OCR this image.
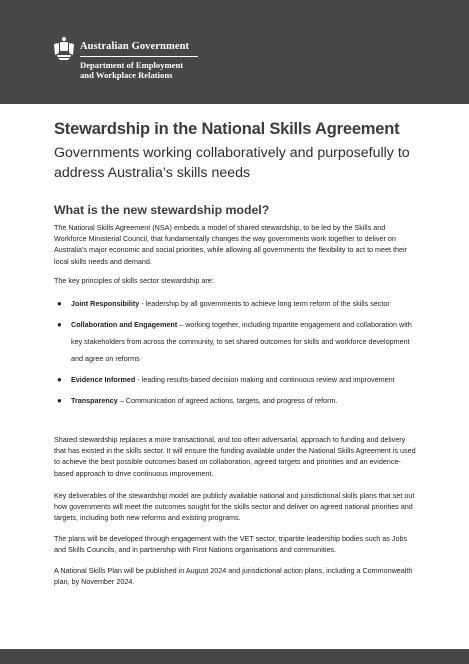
Australian Government
Department of Employment
and Workplace Relations
Stewardship in the National Skills Agreement
Governments working collaboratively and purposefully to address Australia’s skills needs
What is the new stewardship model?

The National Skills Agreement (NSA) embeds a model of shared stewardship, to be led by the Skills and Workforce Ministerial Council, that fundamentally changes the way governments work together to deliver on Australia’s major economic and social priorities, while allowing all governments the flexibility to act to meet their local skills needs and demand.

The key principles of skills sector stewardship are:

● Joint Responsibility - leadership by all governments to achieve long term reform of the skills sector
● Collaboration and Engagement – working together, including tripartite engagement and collaboration with key stakeholders from across the community, to set shared outcomes for skills and workforce development and agree on reforms
● Evidence Informed - leading results-based decision making and continuous review and improvement
● Transparency – Communication of agreed actions, targets, and progress of reform.

Shared stewardship replaces a more transactional, and too often adversarial, approach to funding and delivery that has existed in the skills sector. It will ensure the funding available under the National Skills Agreement is used to achieve the best possible outcomes based on collaboration, agreed targets and priorities and an evidence-based approach to drive continuous improvement.

Key deliverables of the stewardship model are publicly available national and jurisdictional skills plans that set out how governments will meet the outcomes sought for the skills sector and deliver on agreed national priorities and targets, including both new reforms and existing programs.

The plans will be developed through engagement with the VET sector, tripartite leadership bodies such as Jobs and Skills Councils, and in partnership with First Nations organisations and communities.

A National Skills Plan will be published in August 2024 and jurisdictional action plans, including a Commonwealth plan, by November 2024.
